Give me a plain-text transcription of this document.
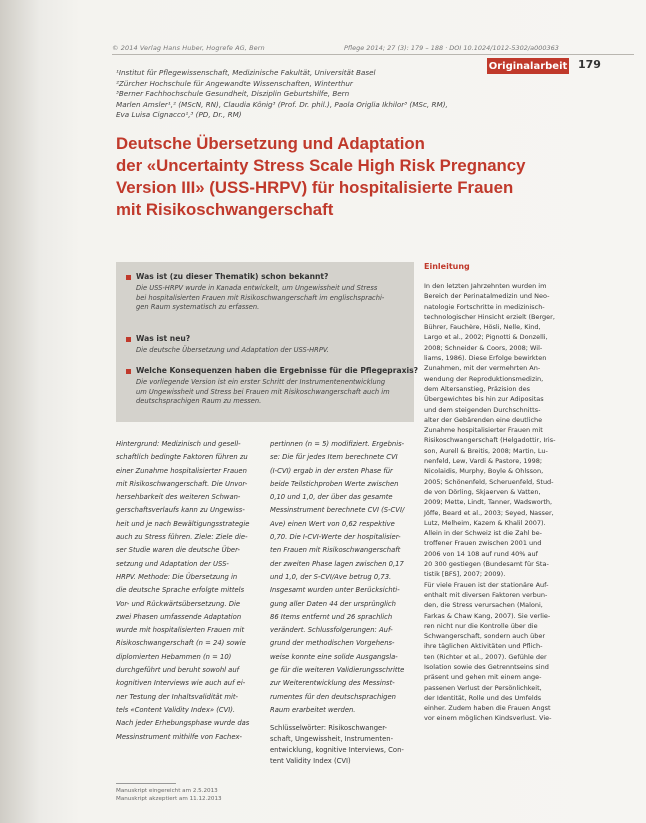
© 2014 Verlag Hans Huber, Hogrefe AG, Bern	Pflege 2014; 27 (3): 179 – 188 · DOI 10.1024/1012-5302/a000363
Originalarbeit 179
¹Institut für Pflegewissenschaft, Medizinische Fakultät, Universität Basel
²Zürcher Hochschule für Angewandte Wissenschaften, Winterthur
³Berner Fachhochschule Gesundheit, Disziplin Geburtshilfe, Bern
Marlen Amsler¹,² (MScN, RN), Claudia König³ (Prof. Dr. phil.), Paola Origlia Ikhilor³ (MSc, RM),
Eva Luisa Cignacco¹,³ (PD, Dr., RM)
Deutsche Übersetzung und Adaptation
der «Uncertainty Stress Scale High Risk Pregnancy
Version III» (USS-HRPV) für hospitalisierte Frauen
mit Risikoschwangerschaft
Was ist (zu dieser Thematik) schon bekannt?
Die USS-HRPV wurde in Kanada entwickelt, um Ungewissheit und Stress
bei hospitalisierten Frauen mit Risikoschwangerschaft im englischsprachi-
gen Raum systematisch zu erfassen.
Was ist neu?
Die deutsche Übersetzung und Adaptation der USS-HRPV.
Welche Konsequenzen haben die Ergebnisse für die Pflegepraxis?
Die vorliegende Version ist ein erster Schritt der Instrumentenentwicklung
um Ungewissheit und Stress bei Frauen mit Risikoschwangerschaft auch im
deutschsprachigen Raum zu messen.
Hintergrund: Medizinisch und gesell-
schaftlich bedingte Faktoren führen zu
einer Zunahme hospitalisierter Frauen
mit Risikoschwangerschaft. Die Unvor-
hersehbarkeit des weiteren Schwan-
gerschaftsverlaufs kann zu Ungewiss-
heit und je nach Bewältigungsstrategie
auch zu Stress führen. Ziele: Ziele die-
ser Studie waren die deutsche Über-
setzung und Adaptation der USS-
HRPV. Methode: Die Übersetzung in
die deutsche Sprache erfolgte mittels
Vor- und Rückwärtsübersetzung. Die
zwei Phasen umfassende Adaptation
wurde mit hospitalisierten Frauen mit
Risikoschwangerschaft (n = 24) sowie
diplomierten Hebammen (n = 10)
durchgeführt und beruht sowohl auf
kognitiven Interviews wie auch auf ei-
ner Testung der Inhaltsvalidität mit-
tels «Content Validity Index» (CVI).
Nach jeder Erhebungsphase wurde das
Messinstrument mithilfe von Fachex-
pertinnen (n = 5) modifiziert. Ergebnis-
se: Die für jedes Item berechnete CVI
(I-CVI) ergab in der ersten Phase für
beide Teilstichproben Werte zwischen
0,10 und 1,0, der über das gesamte
Messinstrument berechnete CVI (S-CVI/
Ave) einen Wert von 0,62 respektive
0,70. Die I-CVI-Werte der hospitalisier-
ten Frauen mit Risikoschwangerschaft
der zweiten Phase lagen zwischen 0,17
und 1,0, der S-CVI/Ave betrug 0,73.
Insgesamt wurden unter Berücksichti-
gung aller Daten 44 der ursprünglich
86 Items entfernt und 26 sprachlich
verändert. Schlussfolgerungen: Auf-
grund der methodischen Vorgehens-
weise konnte eine solide Ausgangsla-
ge für die weiteren Validierungsschritte
zur Weiterentwicklung des Messinst-
rumentes für den deutschsprachigen
Raum erarbeitet werden.
Schlüsselwörter: Risikoschwanger-
schaft, Ungewissheit, Instrumenten-
entwicklung, kognitive Interviews, Con-
tent Validity Index (CVI)
Manuskript eingereicht am 2.5.2013
Manuskript akzeptiert am 11.12.2013
Einleitung
In den letzten Jahrzehnten wurden im
Bereich der Perinatalmedizin und Neo-
natologie Fortschritte in medizinisch-
technologischer Hinsicht erzielt (Berger,
Bührer, Fauchère, Hösli, Nelle, Kind,
Largo et al., 2002; Pignotti & Donzelli,
2008; Schneider & Coors, 2008; Wil-
liams, 1986). Diese Erfolge bewirkten
Zunahmen, mit der vermehrten An-
wendung der Reproduktionsmedizin,
dem Altersanstieg, Präzision des
Übergewichtes bis hin zur Adipositas
und dem steigenden Durchschnitts-
alter der Gebärenden eine deutliche
Zunahme hospitalisierter Frauen mit
Risikoschwangerschaft (Helgadottir, Iris-
son, Aurell & Breitis, 2008; Martin, Lu-
nenfeld, Lew, Vardi & Pastore, 1998;
Nicolaidis, Murphy, Boyle & Ohlsson,
2005; Schönenfeld, Scheruenfeld, Stud-
de von Dörling, Skjaerven & Vatten,
2009; Mette, Lindt, Tanner, Wadsworth,
Jöffe, Beard et al., 2003; Seyed, Nasser,
Lutz, Melheim, Kazem & Khalil 2007).
Allein in der Schweiz ist die Zahl be-
troffener Frauen zwischen 2001 und
2006 von 14 108 auf rund 40% auf
20 300 gestiegen (Bundesamt für Sta-
tistik [BFS], 2007; 2009).
Für viele Frauen ist der stationäre Auf-
enthalt mit diversen Faktoren verbun-
den, die Stress verursachen (Maloni,
Farkas & Chaw Kang, 2007). Sie verlie-
ren nicht nur die Kontrolle über die
Schwangerschaft, sondern auch über
ihre täglichen Aktivitäten und Pflich-
ten (Richter et al., 2007). Gefühle der
Isolation sowie des Getrenntseins sind
präsent und gehen mit einem ange-
passenen Verlust der Persönlichkeit,
der Identität, Rolle und des Umfelds
einher. Zudem haben die Frauen Angst
vor einem möglichen Kindsverlust. Vie-
